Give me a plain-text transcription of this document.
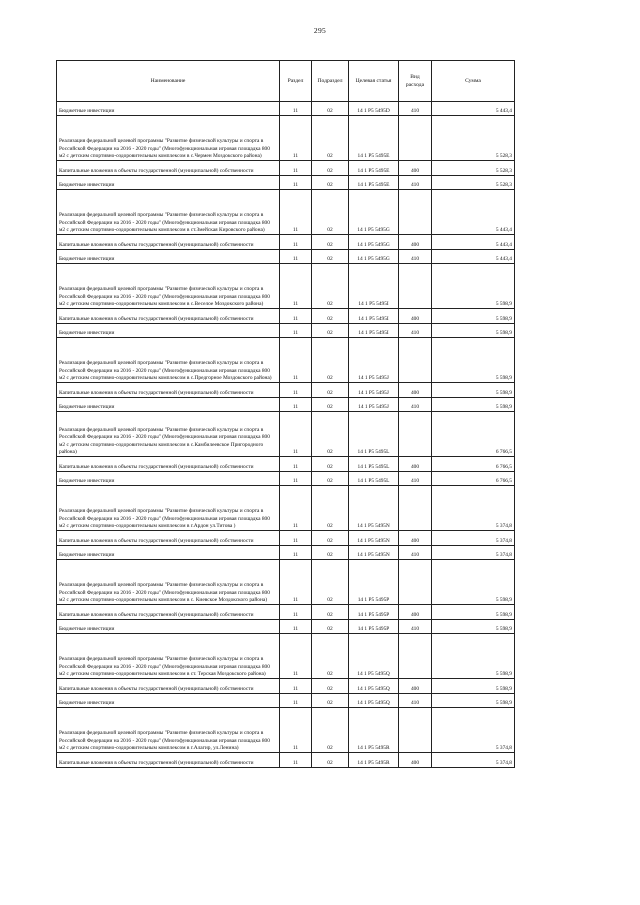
295
Наименование	Раздел	Подраздел	Целевая статья	Вид расхода	Сумма
Бюджетные инвестиции	11	02	14 1 P5 5495D	410	5 443,4
Реализация федеральной целевой программы "Развитие физической культуры и спорта в Российской Федерации на 2016 - 2020 годы" (Многофункциональная игровая площадка 800 м2 с детским спортивно-оздоровительным комплексом в с.Чермен Моздокского района)	11	02	14 1 P5 5495E		5 528,3
Капитальные вложения в объекты государственной (муниципальной) собственности	11	02	14 1 P5 5495E	400	5 528,3
Бюджетные инвестиции	11	02	14 1 P5 5495E	410	5 528,3
Реализация федеральной целевой программы "Развитие физической культуры и спорта в Российской Федерации на 2016 - 2020 годы" (Многофункциональная игровая площадка 800 м2 с детским спортивно-оздоровительным комплексом в ст.Змейская Кировского района)	11	02	14 1 P5 5495G		5 443,4
Капитальные вложения в объекты государственной (муниципальной) собственности	11	02	14 1 P5 5495G	400	5 443,4
Бюджетные инвестиции	11	02	14 1 P5 5495G	410	5 443,4
Реализация федеральной целевой программы "Развитие физической культуры и спорта в Российской Федерации на 2016 - 2020 годы" (Многофункциональная игровая площадка 800 м2 с детским спортивно-оздоровительным комплексом в с.Веселое Моздокского района)	11	02	14 1 P5 5495I		5 598,9
Капитальные вложения в объекты государственной (муниципальной) собственности	11	02	14 1 P5 5495I	400	5 598,9
Бюджетные инвестиции	11	02	14 1 P5 5495I	410	5 598,9
Реализация федеральной целевой программы "Развитие физической культуры и спорта в Российской Федерации на 2016 - 2020 годы" (Многофункциональная игровая площадка 800 м2 с детским спортивно-оздоровительным комплексом в с.Предгорное Моздокского района)	11	02	14 1 P5 5495J		5 598,9
Капитальные вложения в объекты государственной (муниципальной) собственности	11	02	14 1 P5 5495J	400	5 598,9
Бюджетные инвестиции	11	02	14 1 P5 5495J	410	5 598,9
Реализация федеральной целевой программы "Развитие физической культуры и спорта в Российской Федерации на 2016 - 2020 годы" (Многофункциональная игровая площадка 800 м2 с детским спортивно-оздоровительным комплексом в с.Камбилеевское Пригородного района)	11	02	14 1 P5 5495L		6 766,5
Капитальные вложения в объекты государственной (муниципальной) собственности	11	02	14 1 P5 5495L	400	6 766,5
Бюджетные инвестиции	11	02	14 1 P5 5495L	410	6 766,5
Реализация федеральной целевой программы "Развитие физической культуры и спорта в Российской Федерации на 2016 - 2020 годы" (Многофункциональная игровая площадка 800 м2 с детским спортивно-оздоровительным комплексом в г.Ардон ул.Титова )	11	02	14 1 P5 5495N		5 374,8
Капитальные вложения в объекты государственной (муниципальной) собственности	11	02	14 1 P5 5495N	400	5 374,8
Бюджетные инвестиции	11	02	14 1 P5 5495N	410	5 374,8
Реализация федеральной целевой программы "Развитие физической культуры и спорта в Российской Федерации на 2016 - 2020 годы" (Многофункциональная игровая площадка 800 м2 с детским спортивно-оздоровительным комплексом в с. Киевское Моздокского района)	11	02	14 1 P5 5495P		5 598,9
Капитальные вложения в объекты государственной (муниципальной) собственности	11	02	14 1 P5 5495P	400	5 598,9
Бюджетные инвестиции	11	02	14 1 P5 5495P	410	5 598,9
Реализация федеральной целевой программы "Развитие физической культуры и спорта в Российской Федерации на 2016 - 2020 годы" (Многофункциональная игровая площадка 800 м2 с детским спортивно-оздоровительным комплексом в ст. Терская Моздокского района)	11	02	14 1 P5 5495Q		5 598,9
Капитальные вложения в объекты государственной (муниципальной) собственности	11	02	14 1 P5 5495Q	400	5 598,9
Бюджетные инвестиции	11	02	14 1 P5 5495Q	410	5 598,9
Реализация федеральной целевой программы "Развитие физической культуры и спорта в Российской Федерации на 2016 - 2020 годы" (Многофункциональная игровая площадка 800 м2 с детским спортивно-оздоровительным комплексом в г.Алагир, ул.Ленина)	11	02	14 1 P5 5495R		5 374,8
Капитальные вложения в объекты государственной (муниципальной) собственности	11	02	14 1 P5 5495R	400	5 374,8
